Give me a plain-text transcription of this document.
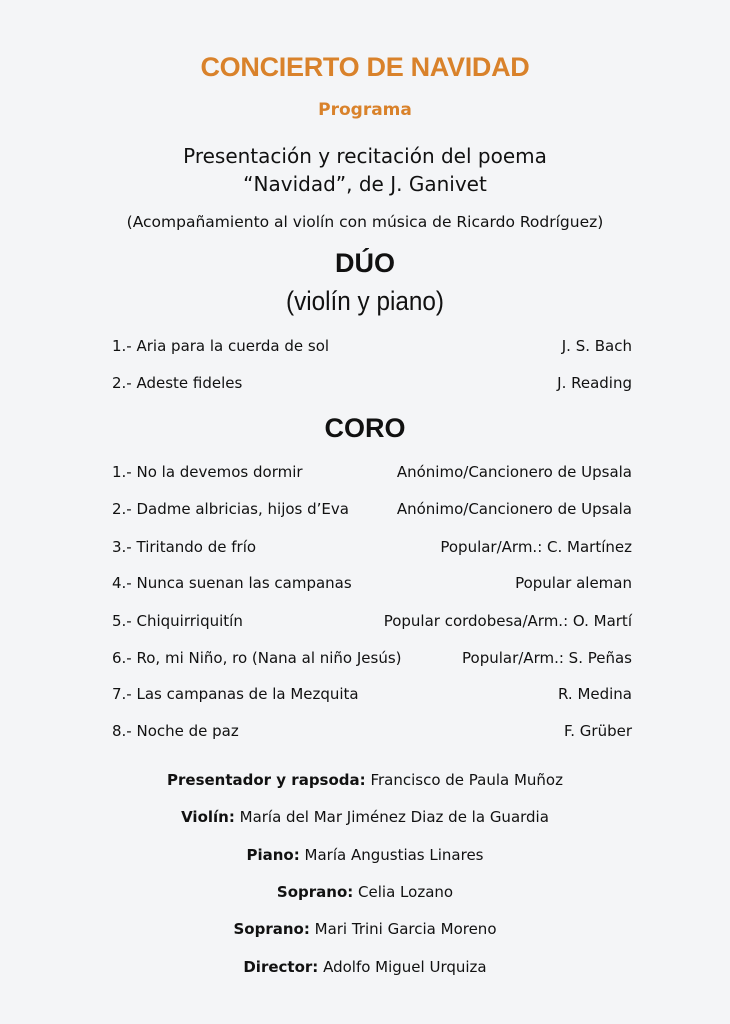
CONCIERTO DE NAVIDAD
Programa
Presentación y recitación del poema
“Navidad”, de J. Ganivet
(Acompañamiento al violín con música de Ricardo Rodríguez)
DÚO
(violín y piano)
1.- Aria para la cuerda de sol	J. S. Bach
2.- Adeste fideles	J. Reading
CORO
1.- No la devemos dormir	Anónimo/Cancionero de Upsala
2.- Dadme albricias, hijos d’Eva	Anónimo/Cancionero de Upsala
3.- Tiritando de frío	Popular/Arm.: C. Martínez
4.- Nunca suenan las campanas	Popular aleman
5.- Chiquirriquitín	Popular cordobesa/Arm.: O. Martí
6.- Ro, mi Niño, ro (Nana al niño Jesús)	Popular/Arm.: S. Peñas
7.- Las campanas de la Mezquita	R. Medina
8.- Noche de paz	F. Grüber
Presentador y rapsoda: Francisco de Paula Muñoz
Violín: María del Mar Jiménez Diaz de la Guardia
Piano: María Angustias Linares
Soprano: Celia Lozano
Soprano: Mari Trini Garcia Moreno
Director: Adolfo Miguel Urquiza
